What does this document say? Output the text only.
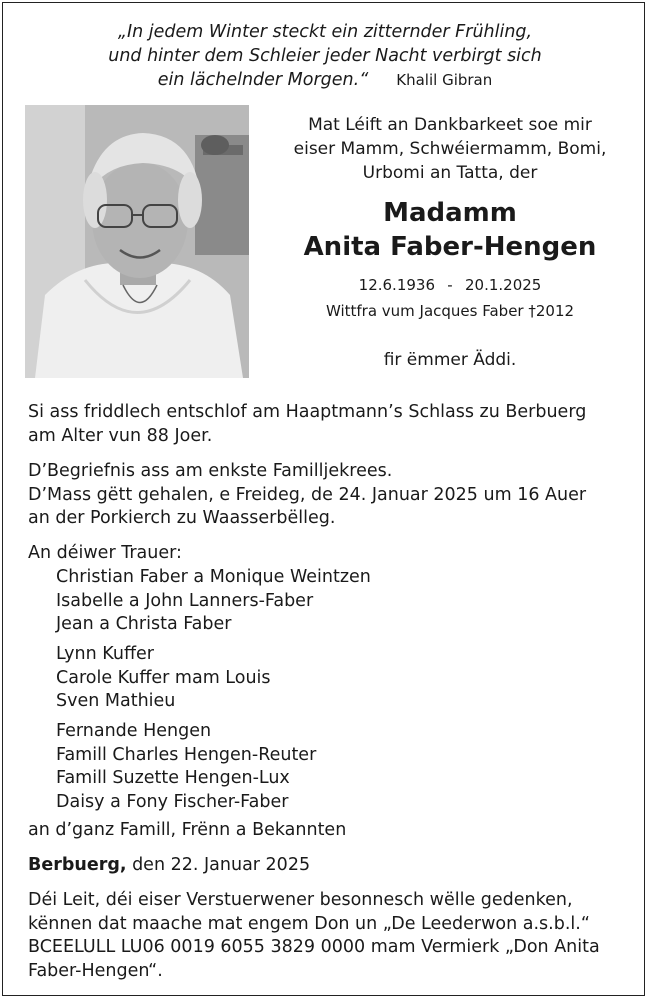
„In jedem Winter steckt ein zitternder Frühling,
und hinter dem Schleier jeder Nacht verbirgt sich
ein lächelnder Morgen.“ Khalil Gibran
Mat Léift an Dankbarkeet soe mir
eiser Mamm, Schwéiermamm, Bomi,
Urbomi an Tatta, der
Madamm
Anita Faber-Hengen
12.6.1936 - 20.1.2025
Wittfra vum Jacques Faber †2012
fir ëmmer Äddi.
Si ass friddlech entschlof am Haaptmann’s Schlass zu Berbuerg
am Alter vun 88 Joer.
D’Begriefnis ass am enkste Familljekrees.
D’Mass gëtt gehalen, e Freideg, de 24. Januar 2025 um 16 Auer
an der Porkierch zu Waasserbëlleg.
An déiwer Trauer:
Christian Faber a Monique Weintzen
Isabelle a John Lanners-Faber
Jean a Christa Faber
Lynn Kuffer
Carole Kuffer mam Louis
Sven Mathieu
Fernande Hengen
Famill Charles Hengen-Reuter
Famill Suzette Hengen-Lux
Daisy a Fony Fischer-Faber
an d’ganz Famill, Frënn a Bekannten
Berbuerg, den 22. Januar 2025
Déi Leit, déi eiser Verstuerwener besonnesch wëlle gedenken,
kënnen dat maache mat engem Don un „De Leederwon a.s.b.l.“
BCEELULL LU06 0019 6055 3829 0000 mam Vermierk „Don Anita
Faber-Hengen“.
